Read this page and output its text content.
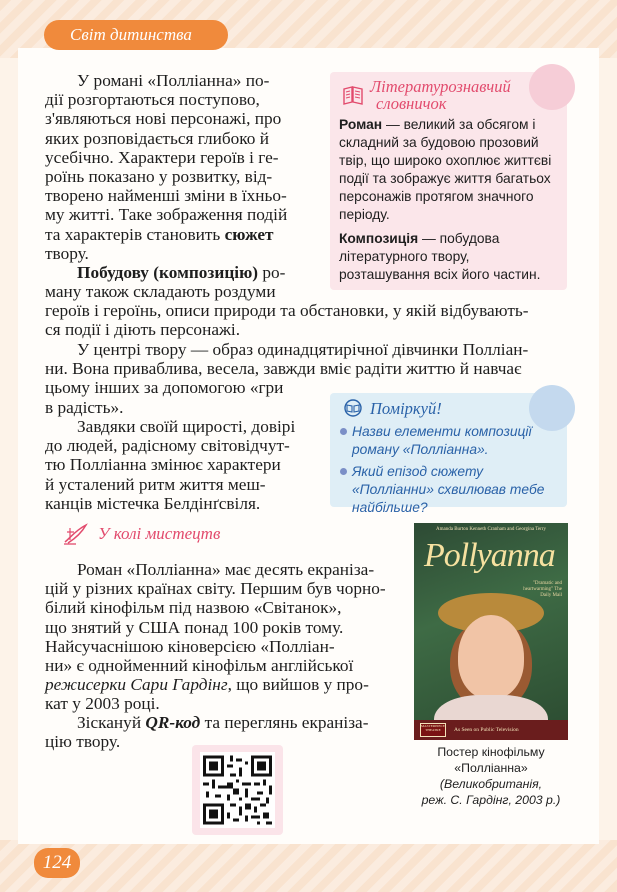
Світ дитинства
У романі «Полліанна» по-
дії розгортаються поступово,
з'являються нові персонажі, про
яких розповідається глибоко й
усебічно. Характери героїв і ге-
роїнь показано у розвитку, від-
творено найменші зміни в їхньо-
му житті. Таке зображення подій
та характерів становить сюжет
твору.
Побудову (композицію) ро-
ману також складають роздуми
героїв і героїнь, описи природи та обстановки, у якій відбувають-
ся події і діють персонажі.
У центрі твору — образ одинадцятирічної дівчинки Полліан-
ни. Вона приваблива, весела, завжди вміє радіти життю й навчає
цьому інших за допомогою «гри
в радість».
Завдяки своїй щирості, довірі
до людей, радісному світовідчут-
тю Полліанна змінює характери
й усталений ритм життя меш-
канців містечка Белдінґсвіля.
Літературознавчий
словничок

Роман — великий за обсягом і складний за будовою прозовий твір, що широко охоплює життєві події та зображує життя багатьох персонажів протягом значного періоду.

Композиція — побудова літературного твору, розташування всіх його частин.

Поміркуй!
Назви елементи композиції роману «Полліанна».
Який епізод сюжету «Полліанни» схвилював тебе найбільше?
У колі мистецтв
Роман «Полліанна» має десять екраніза-
цій у різних країнах світу. Першим був чорно-
білий кінофільм під назвою «Світанок»,
що знятий у США понад 100 років тому.
Найсучаснішою кіноверсією «Полліан-
ни» є однойменний кінофільм англійської
режисерки Сари Гардінг, що вийшов у про-
кат у 2003 році.
Зіскануй QR-код та переглянь екраніза-
цію твору.
Amanda Burton Kenneth Cranham and Georgina Terry
Pollyanna
"Dramatic and heartwarming" The Daily Mail
MASTERPIECE THEATRE	As Seen on Public Television
Постер кінофільму
«Полліанна»
(Великобританія,
реж. С. Гардінг, 2003 р.)
124
